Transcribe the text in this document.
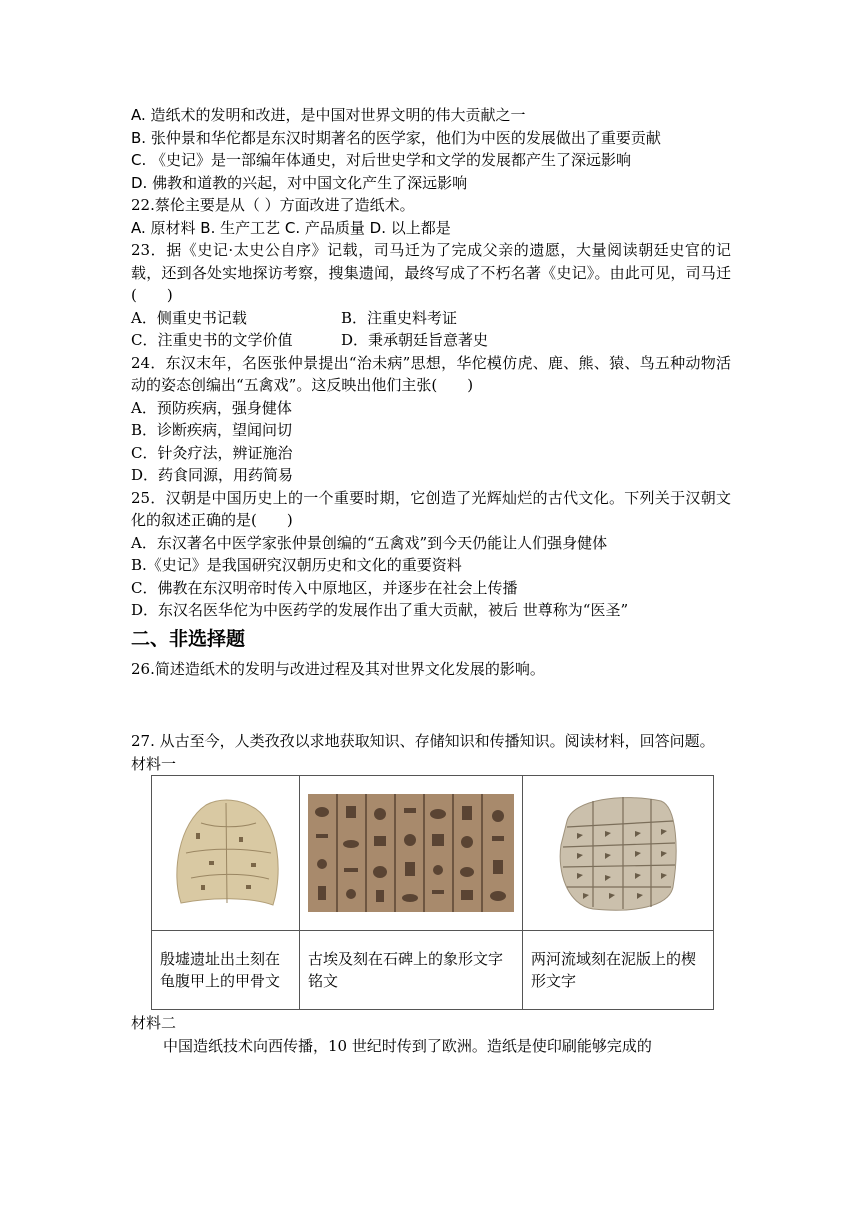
A. 造纸术的发明和改进，是中国对世界文明的伟大贡献之一
B. 张仲景和华佗都是东汉时期著名的医学家，他们为中医的发展做出了重要贡献
C. 《史记》是一部编年体通史，对后世史学和文学的发展都产生了深远影响
D. 佛教和道教的兴起，对中国文化产生了深远影响
22.蔡伦主要是从（ ）方面改进了造纸术。
A. 原材料 B. 生产工艺 C. 产品质量 D. 以上都是
23．据《史记·太史公自序》记载，司马迁为了完成父亲的遗愿，大量阅读朝廷史官的记载，还到各处实地探访考察，搜集遗闻，最终写成了不朽名著《史记》。由此可见，司马迁(　　)
A．侧重史书记载	B．注重史料考证
C．注重史书的文学价值	D．秉承朝廷旨意著史
24．东汉末年，名医张仲景提出“治未病”思想，华佗模仿虎、鹿、熊、猿、鸟五种动物活动的姿态创编出“五禽戏”。这反映出他们主张(　　)
A．预防疾病，强身健体
B．诊断疾病，望闻问切
C．针灸疗法，辨证施治
D．药食同源，用药简易
25．汉朝是中国历史上的一个重要时期，它创造了光辉灿烂的古代文化。下列关于汉朝文化的叙述正确的是(　　)
A．东汉著名中医学家张仲景创编的“五禽戏”到今天仍能让人们强身健体
B.《史记》是我国研究汉朝历史和文化的重要资料
C．佛教在东汉明帝时传入中原地区，并逐步在社会上传播
D．东汉名医华佗为中医药学的发展作出了重大贡献，被后 世尊称为“医圣”
二、非选择题
26.简述造纸术的发明与改进过程及其对世界文化发展的影响。
27. 从古至今，人类孜孜以求地获取知识、存储知识和传播知识。阅读材料，回答问题。
材料一

殷墟遗址出土刻在龟腹甲上的甲骨文	古埃及刻在石碑上的象形文字铭文	两河流域刻在泥版上的楔形文字
材料二
中国造纸技术向西传播，10 世纪时传到了欧洲。造纸是使印刷能够完成的
